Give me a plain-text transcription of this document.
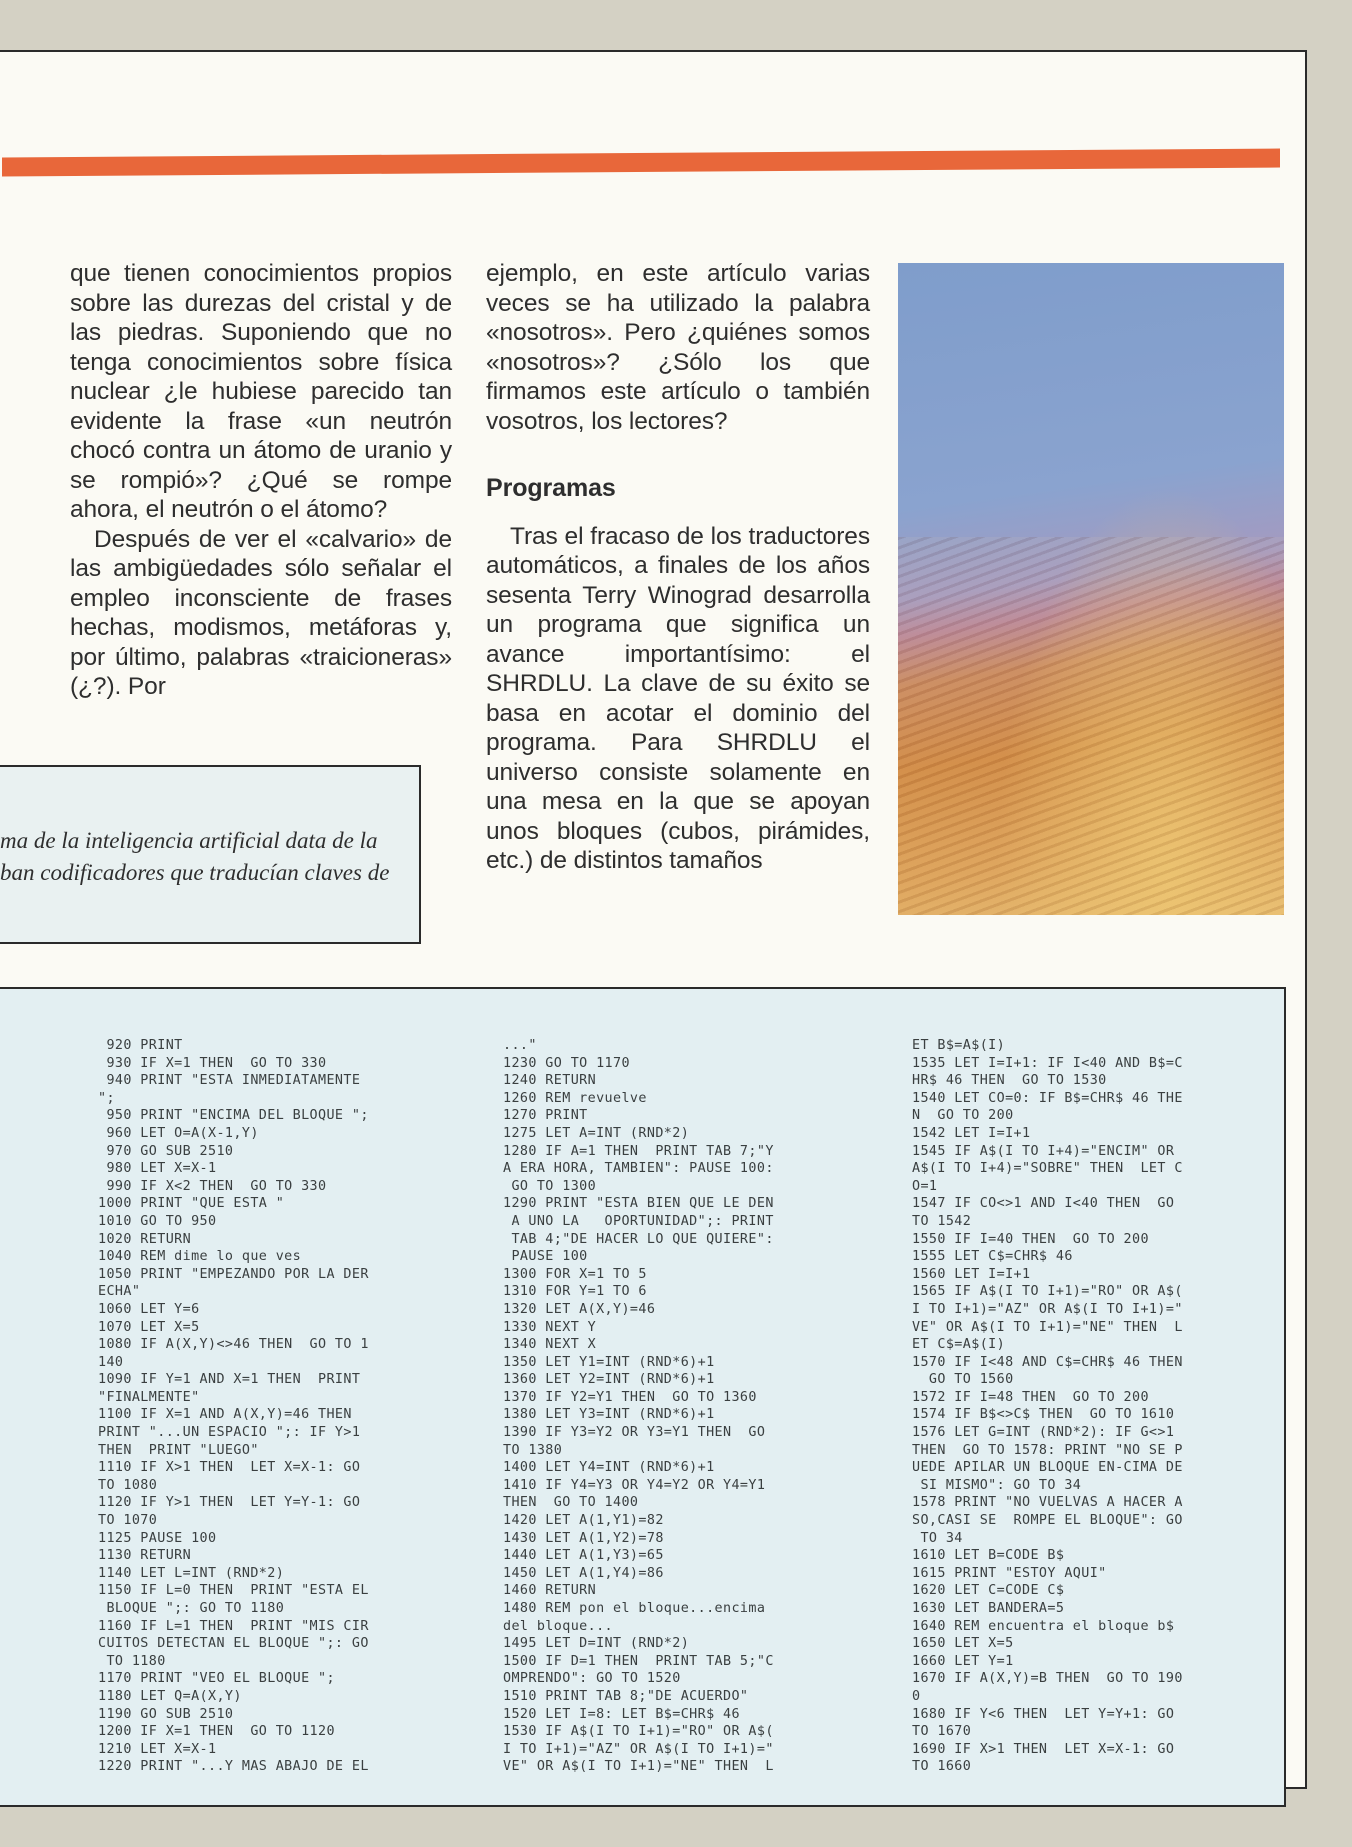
que tienen conocimientos propios sobre las durezas del cristal y de las piedras. Suponiendo que no tenga conocimientos sobre física nuclear ¿le hubiese parecido tan evidente la frase «un neutrón chocó contra un átomo de uranio y se rompió»? ¿Qué se rompe ahora, el neutrón o el átomo?

Después de ver el «calvario» de las ambigüedades sólo señalar el empleo inconsciente de frases hechas, modismos, metáforas y, por último, palabras «traicioneras» (¿?). Por

ejemplo, en este artículo varias veces se ha utilizado la palabra «nosotros». Pero ¿quiénes somos «nosotros»? ¿Sólo los que firmamos este artículo o también vosotros, los lectores?

Programas

Tras el fracaso de los traductores automáticos, a finales de los años sesenta Terry Winograd desarrolla un programa que significa un avance importantísimo: el SHRDLU. La clave de su éxito se basa en acotar el dominio del programa. Para SHRDLU el universo consiste solamente en una mesa en la que se apoyan unos bloques (cubos, pirámides, etc.) de distintos tamaños

ma de la inteligencia artificial data de la
ban codificadores que traducían claves de
920 PRINT
930 IF X=1 THEN  GO TO 330
940 PRINT "ESTA INMEDIATAMENTE
";
950 PRINT "ENCIMA DEL BLOQUE ";
960 LET O=A(X-1,Y)
970 GO SUB 2510
980 LET X=X-1
990 IF X<2 THEN  GO TO 330
1000 PRINT "QUE ESTA "
1010 GO TO 950
1020 RETURN
1040 REM dime lo que ves
1050 PRINT "EMPEZANDO POR LA DER
ECHA"
1060 LET Y=6
1070 LET X=5
1080 IF A(X,Y)<>46 THEN  GO TO 1
140
1090 IF Y=1 AND X=1 THEN  PRINT
"FINALMENTE"
1100 IF X=1 AND A(X,Y)=46 THEN
PRINT "...UN ESPACIO ";: IF Y>1
THEN  PRINT "LUEGO"
1110 IF X>1 THEN  LET X=X-1: GO
TO 1080
1120 IF Y>1 THEN  LET Y=Y-1: GO
TO 1070
1125 PAUSE 100
1130 RETURN
1140 LET L=INT (RND*2)
1150 IF L=0 THEN  PRINT "ESTA EL
BLOQUE ";: GO TO 1180
1160 IF L=1 THEN  PRINT "MIS CIR
CUITOS DETECTAN EL BLOQUE ";: GO
TO 1180
1170 PRINT "VEO EL BLOQUE ";
1180 LET Q=A(X,Y)
1190 GO SUB 2510
1200 IF X=1 THEN  GO TO 1120
1210 LET X=X-1
1220 PRINT "...Y MAS ABAJO DE EL
..."
1230 GO TO 1170
1240 RETURN
1260 REM revuelve
1270 PRINT
1275 LET A=INT (RND*2)
1280 IF A=1 THEN  PRINT TAB 7;"Y
A ERA HORA, TAMBIEN": PAUSE 100:
GO TO 1300
1290 PRINT "ESTA BIEN QUE LE DEN
A UNO LA   OPORTUNIDAD";: PRINT
TAB 4;"DE HACER LO QUE QUIERE":
PAUSE 100
1300 FOR X=1 TO 5
1310 FOR Y=1 TO 6
1320 LET A(X,Y)=46
1330 NEXT Y
1340 NEXT X
1350 LET Y1=INT (RND*6)+1
1360 LET Y2=INT (RND*6)+1
1370 IF Y2=Y1 THEN  GO TO 1360
1380 LET Y3=INT (RND*6)+1
1390 IF Y3=Y2 OR Y3=Y1 THEN  GO
TO 1380
1400 LET Y4=INT (RND*6)+1
1410 IF Y4=Y3 OR Y4=Y2 OR Y4=Y1
THEN  GO TO 1400
1420 LET A(1,Y1)=82
1430 LET A(1,Y2)=78
1440 LET A(1,Y3)=65
1450 LET A(1,Y4)=86
1460 RETURN
1480 REM pon el bloque...encima
del bloque...
1495 LET D=INT (RND*2)
1500 IF D=1 THEN  PRINT TAB 5;"C
OMPRENDO": GO TO 1520
1510 PRINT TAB 8;"DE ACUERDO"
1520 LET I=8: LET B$=CHR$ 46
1530 IF A$(I TO I+1)="RO" OR A$(
I TO I+1)="AZ" OR A$(I TO I+1)="
VE" OR A$(I TO I+1)="NE" THEN  L
ET B$=A$(I)
1535 LET I=I+1: IF I<40 AND B$=C
HR$ 46 THEN  GO TO 1530
1540 LET CO=0: IF B$=CHR$ 46 THE
N  GO TO 200
1542 LET I=I+1
1545 IF A$(I TO I+4)="ENCIM" OR
A$(I TO I+4)="SOBRE" THEN  LET C
O=1
1547 IF CO<>1 AND I<40 THEN  GO
TO 1542
1550 IF I=40 THEN  GO TO 200
1555 LET C$=CHR$ 46
1560 LET I=I+1
1565 IF A$(I TO I+1)="RO" OR A$(
I TO I+1)="AZ" OR A$(I TO I+1)="
VE" OR A$(I TO I+1)="NE" THEN  L
ET C$=A$(I)
1570 IF I<48 AND C$=CHR$ 46 THEN
GO TO 1560
1572 IF I=48 THEN  GO TO 200
1574 IF B$<>C$ THEN  GO TO 1610
1576 LET G=INT (RND*2): IF G<>1
THEN  GO TO 1578: PRINT "NO SE P
UEDE APILAR UN BLOQUE EN-CIMA DE
SI MISMO": GO TO 34
1578 PRINT "NO VUELVAS A HACER A
SO,CASI SE  ROMPE EL BLOQUE": GO
TO 34
1610 LET B=CODE B$
1615 PRINT "ESTOY AQUI"
1620 LET C=CODE C$
1630 LET BANDERA=5
1640 REM encuentra el bloque b$
1650 LET X=5
1660 LET Y=1
1670 IF A(X,Y)=B THEN  GO TO 190
0
1680 IF Y<6 THEN  LET Y=Y+1: GO
TO 1670
1690 IF X>1 THEN  LET X=X-1: GO
TO 1660
